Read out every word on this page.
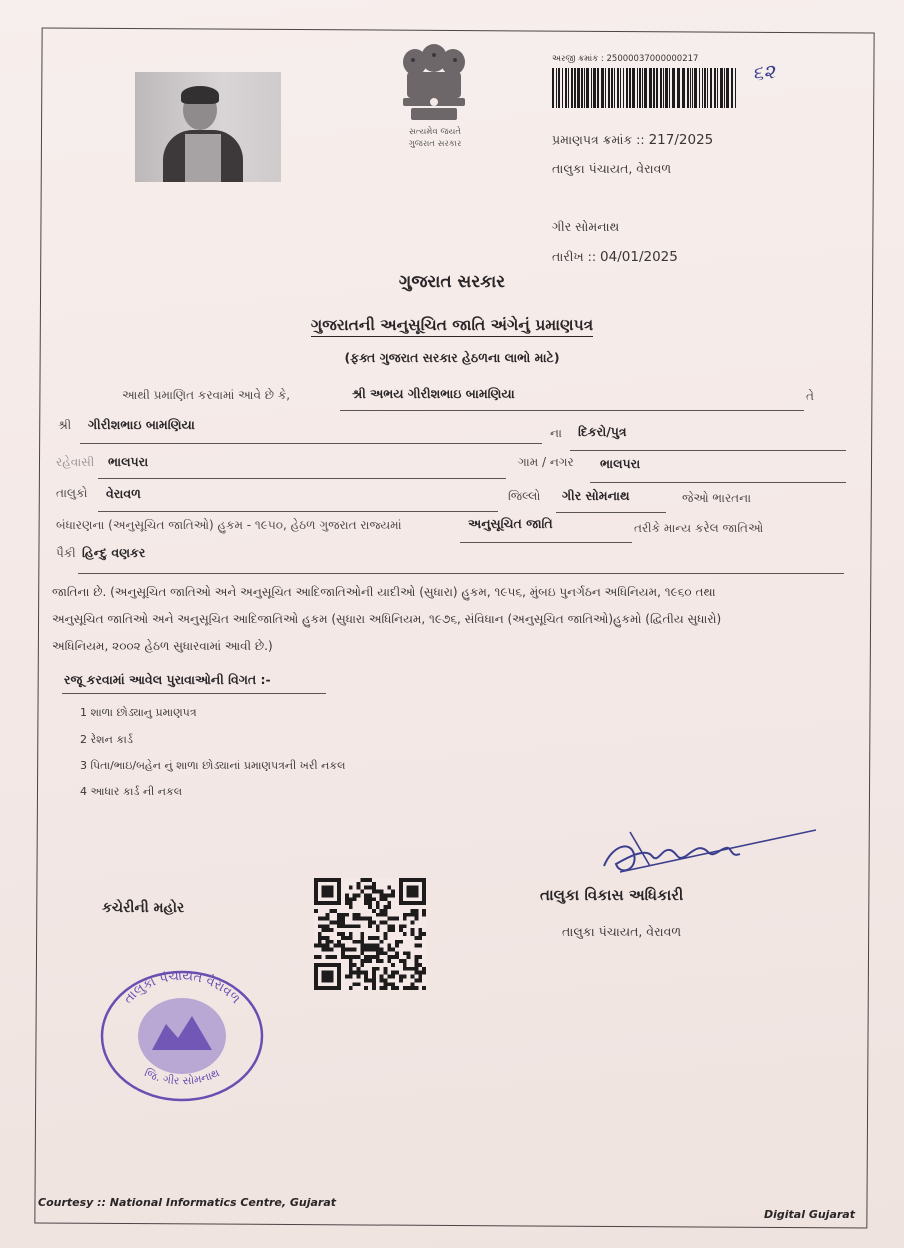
સત્યમેવ જયતે
ગુજરાત સરકાર
અરજી ક્રમાંક : 25000037000000217	૬૨
પ્રમાણપત્ર ક્રમાંક :: 217/2025
તાલુકા પંચાયત, વેરાવળ
ગીર સોમનાથ
તારીખ :: 04/01/2025
ગુજરાત સરકાર
ગુજરાતની અનુસૂચિત જાતિ અંગેનું પ્રમાણપત્ર
(ફક્ત ગુજરાત સરકાર હેઠળના લાભો માટે)
આથી પ્રમાણિત કરવામાં આવે છે કે,	શ્રી અભય ગીરીશભાઇ બામણિયા	તે
શ્રી ગીરીશભાઇ બામણિયા
ના દિકરો/પુત્ર
રહેવાસી ભાલપરા	ગામ / નગર ભાલપરા
તાલુકો વેરાવળ	જિલ્લો ગીર સોમનાથ	જેઓ ભારતના
બંધારણના (અનુસૂચિત જાતિઓ) હુકમ - ૧૯૫૦, હેઠળ ગુજરાત રાજ્યમાં	અનુસૂચિત જાતિ	તરીકે માન્ય કરેલ જાતિઓ
પૈકી હિન્દુ વણકર
જાતિના છે. (અનુસૂચિત જાતિઓ અને અનુસૂચિત આદિજાતિઓની યાદીઓ (સુધારા) હુકમ, ૧૯૫૬, મુંબઇ પુનર્ગઠન અધિનિયમ, ૧૯૬૦ તથા
અનુસૂચિત જાતિઓ અને અનુસૂચિત આદિજાતિઓ હુકમ (સુધારા અધિનિયમ, ૧૯૭૬, સંવિધાન (અનુસૂચિત જાતિઓ)હુકમો (દ્વિતીય સુધારો)
અધિનિયમ, ૨૦૦૨ હેઠળ સુધારવામાં આવી છે.)
રજૂ કરવામાં આવેલ પુરાવાઓની વિગત :-
1 શાળા છોડ્યાનુ પ્રમાણપત્ર
2 રેશન કાર્ડ
3 પિતા/ભાઇ/બહેન નું શાળા છોડ્યાનાં પ્રમાણપત્રની ખરી નકલ
4 આધાર કાર્ડ ની નકલ
તાલુકા વિકાસ અધિકારી
તાલુકા પંચાયત, વેરાવળ
કચેરીની મહોર
તાલુકા પંચાયત વેરાવળ
જિ. ગીર સોમનાથ
Courtesy :: National Informatics Centre, Gujarat
Digital Gujarat
